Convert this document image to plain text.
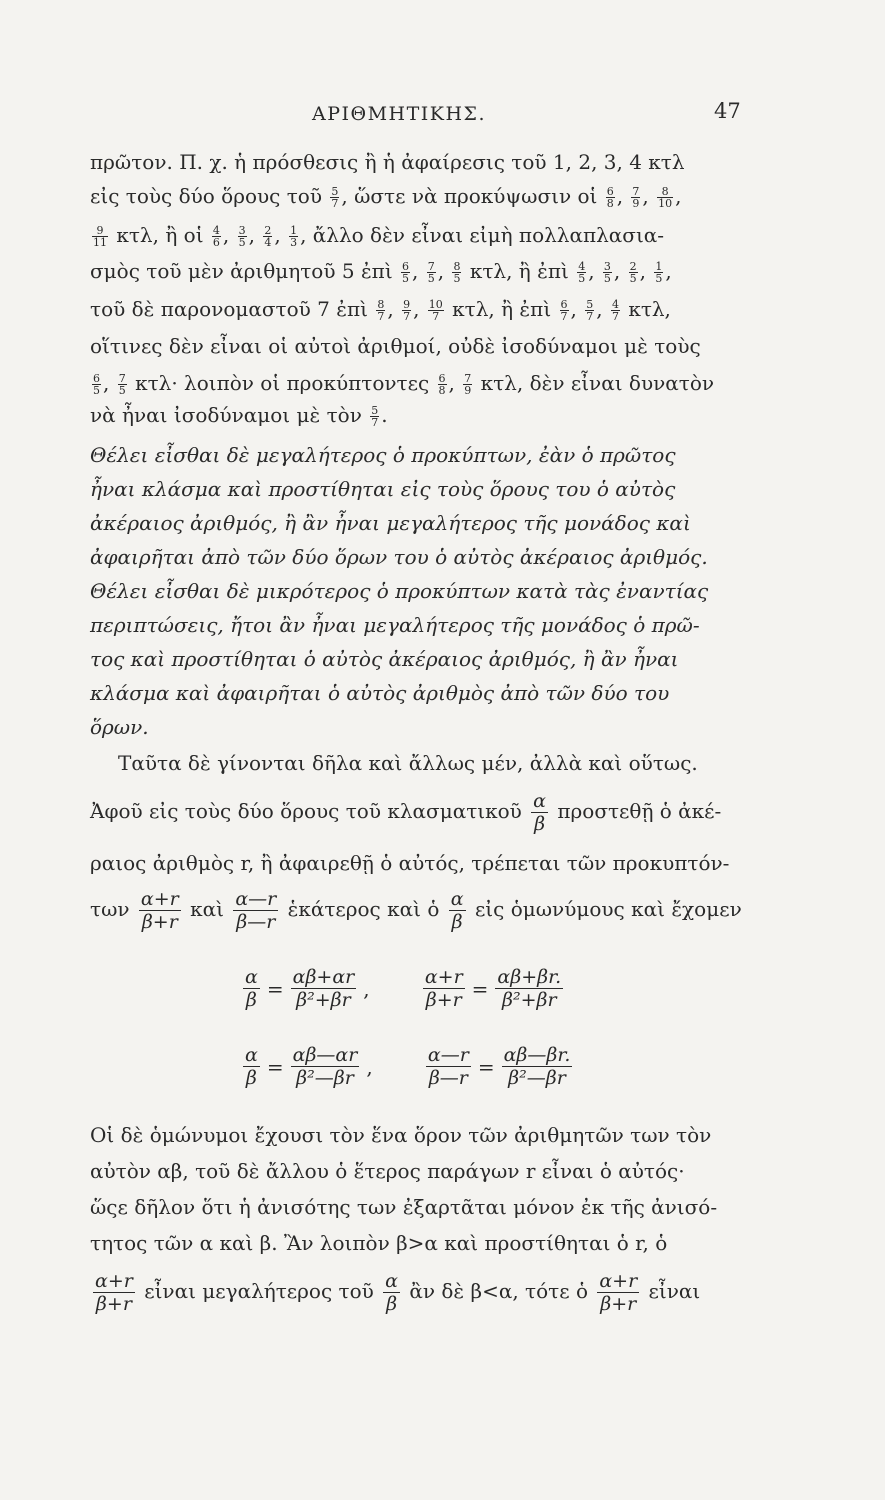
ΑΡΙΘΜΗΤΙΚΗΣ.	47
πρῶτον. Π. χ. ἡ πρόσθεσις ἢ ἡ ἀφαίρεσις τοῦ 1, 2, 3, 4 κτλ
εἰς τοὺς δύο ὅρους τοῦ $\frac{5}{7}$ , ὥστε νὰ προκύψωσιν οἱ $\frac{6}{8}$ , $\frac{7}{9}$ , $\frac{8}{10}$ ,
$\frac{9}{11} \kappa\tau\lambda$, ἢ οἱ $\frac{4}{6}$ , $\frac{3}{5}$ , $\frac{2}{4}$ , $\frac{1}{3}$ , ἄλλο δὲν εἶναι εἰμὴ πολλαπλασια-
σμὸς τοῦ μὲν ἀριθμητοῦ 5 ἐπὶ $\frac{6}{5}$ , $\frac{7}{5}$ , $\frac{8}{5} \kappa\tau\lambda$, ἢ ἐπὶ $\frac{4}{5}$ , $\frac{3}{5}$ , $\frac{2}{5}$ , $\frac{1}{5}$ ,
τοῦ δὲ παρονομαστοῦ 7 ἐπὶ $\frac{8}{7}$ , $\frac{9}{7}$ , $\frac{10}{7} \kappa\tau\lambda$, ἢ ἐπὶ $\frac{6}{7}$ , $\frac{5}{7}$ , $\frac{4}{7} \kappa\tau\lambda$,
οἵτινες δὲν εἶναι οἱ αὐτοὶ ἀριθμοί, οὐδὲ ἰσοδύναμοι μὲ τοὺς
$\frac{6}{5}$ , $\frac{7}{5} \kappa\tau\lambda\cdot$ λοιπὸν οἱ προκύπτοντες $\frac{6}{8}$ , $\frac{7}{9} \kappa\tau\lambda$, δὲν εἶναι δυνατὸν
νὰ ἦναι ἰσοδύναμοι μὲ τὸν $\frac{5}{7}$ .
Θέλει εἶσθαι δὲ μεγαλήτερος ὁ προκύπτων, ἐὰν ὁ πρῶτος
ἦναι κλάσμα καὶ προστίθηται εἰς τοὺς ὅρους του ὁ αὐτὸς
ἀκέραιος ἀριθμός, ἢ ἂν ἦναι μεγαλήτερος τῆς μονάδος καὶ
ἀφαιρῆται ἀπὸ τῶν δύο ὅρων του ὁ αὐτὸς ἀκέραιος ἀριθμός.
Θέλει εἶσθαι δὲ μικρότερος ὁ προκύπτων κατὰ τὰς ἐναντίας
περιπτώσεις, ἤτοι ἂν ἦναι μεγαλήτερος τῆς μονάδος ὁ πρῶ-
τος καὶ προστίθηται ὁ αὐτὸς ἀκέραιος ἀριθμός, ἢ ἂν ἦναι
κλάσμα καὶ ἀφαιρῆται ὁ αὐτὸς ἀριθμὸς ἀπὸ τῶν δύο του
ὅρων.
Ταῦτα δὲ γίνονται δῆλα καὶ ἄλλως μέν, ἀλλὰ καὶ οὕτως.
Ἀφοῦ εἰς τοὺς δύο ὅρους τοῦ κλασματικοῦ $\frac{\alpha}{\beta}$ προστεθῇ ὁ ἀκέ-
ραιος ἀριθμὸς r, ἢ ἀφαιρεθῇ ὁ αὐτός, τρέπεται τῶν προκυπτόν-
των $\frac{\alpha+r}{\beta+r}$ καὶ $\frac{\alpha—r}{\beta—r}$ ἑκάτερος καὶ ὁ $\frac{\alpha}{\beta}$ εἰς ὁμωνύμους καὶ ἔχομεν
$\frac{\alpha}{\beta} = \frac{\alpha\beta+\alpha r}{\text{β²+βr}}$ ,	$\frac{\alpha+r}{\beta+r} = \frac{\alpha\beta+\beta r.}{\text{β²+βr}}$
$\frac{\alpha}{\beta} = \frac{\alpha\beta—\alpha r}{\text{β²—βr}}$ ,	$\frac{\alpha—r}{\beta—r} = \frac{\alpha\beta—\beta r.}{\text{β²—βr}}$
Οἱ δὲ ὁμώνυμοι ἔχουσι τὸν ἕνα ὅρον τῶν ἀριθμητῶν των τὸν
αὐτὸν αβ, τοῦ δὲ ἄλλου ὁ ἕτερος παράγων r εἶναι ὁ αὐτός·
ὥςε δῆλον ὅτι ἡ ἀνισότης των ἐξαρτᾶται μόνον ἐκ τῆς ἀνισό-
τητος τῶν α καὶ β. Ἂν λοιπὸν β>α καὶ προστίθηται ὁ r, ὁ
$\frac{\alpha+r}{\beta+r}$ εἶναι μεγαλήτερος τοῦ $\frac{\alpha}{\beta}$ ἂν δὲ β<α, τότε ὁ $\frac{\alpha+r}{\beta+r}$ εἶναι
